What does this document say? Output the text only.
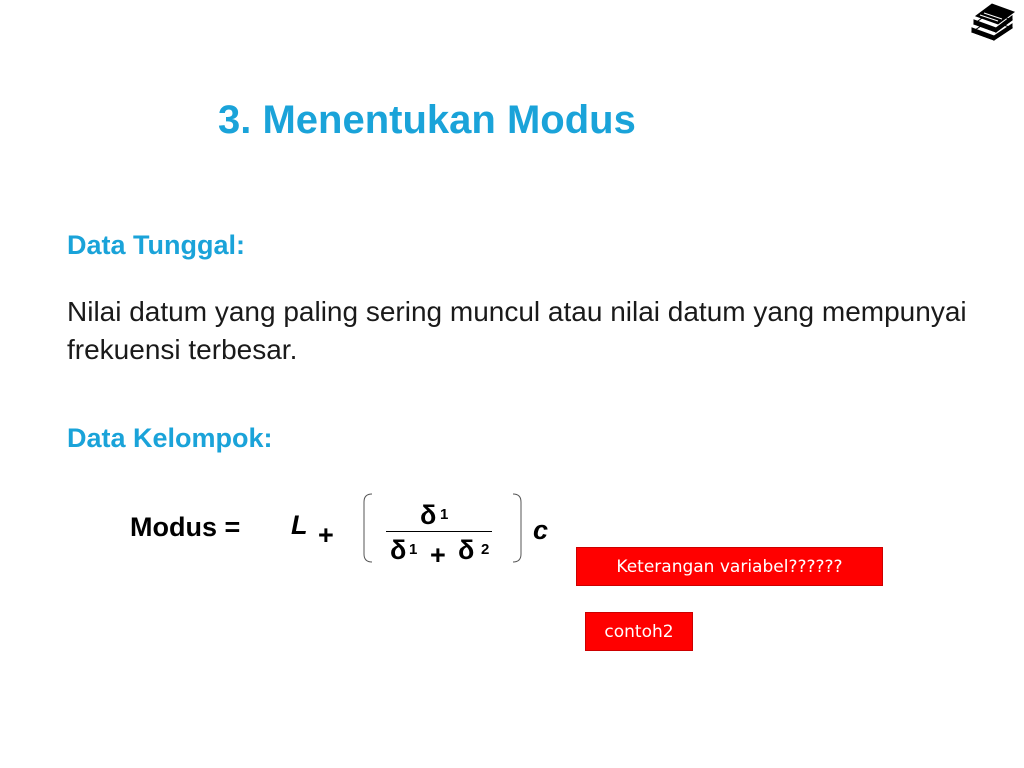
3. Menentukan Modus
Data Tunggal:
Nilai datum yang paling sering muncul atau nilai datum yang mempunyai frekuensi terbesar.
Data Kelompok:
Modus = L +
δ 1
δ 1 + δ 2
c
Keterangan variabel??????
contoh2
